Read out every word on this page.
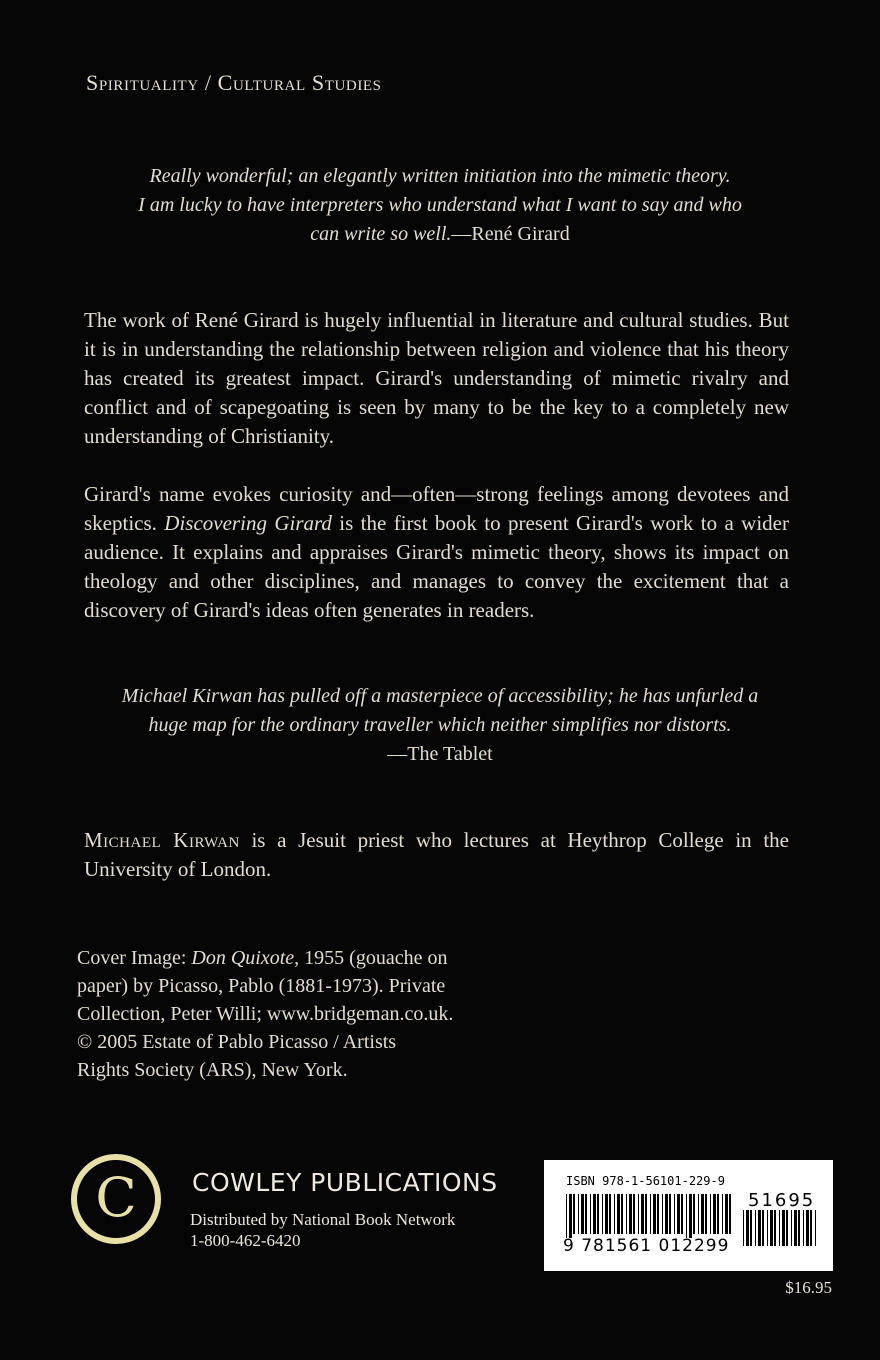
Spirituality / Cultural Studies
Really wonderful; an elegantly written initiation into the mimetic theory.
I am lucky to have interpreters who understand what I want to say and who
can write so well.—René Girard
The work of René Girard is hugely influential in literature and cultural studies. But it is in understanding the relationship between religion and violence that his theory has created its greatest impact. Girard's understanding of mimetic rivalry and conflict and of scapegoating is seen by many to be the key to a completely new understanding of Christianity.
Girard's name evokes curiosity and—often—strong feelings among devotees and skeptics. Discovering Girard is the first book to present Girard's work to a wider audience. It explains and appraises Girard's mimetic theory, shows its impact on theology and other disciplines, and manages to convey the excitement that a discovery of Girard's ideas often generates in readers.
Michael Kirwan has pulled off a masterpiece of accessibility; he has unfurled a
huge map for the ordinary traveller which neither simplifies nor distorts.
—The Tablet
Michael Kirwan is a Jesuit priest who lectures at Heythrop College in the University of London.
Cover Image: Don Quixote, 1955 (gouache on
paper) by Picasso, Pablo (1881-1973). Private
Collection, Peter Willi; www.bridgeman.co.uk.
© 2005 Estate of Pablo Picasso / Artists
Rights Society (ARS), New York.
C COWLEY PUBLICATIONS
Distributed by National Book Network
1-800-462-6420
ISBN 978-1-56101-229-9
9 781561 012299
51695
$16.95
